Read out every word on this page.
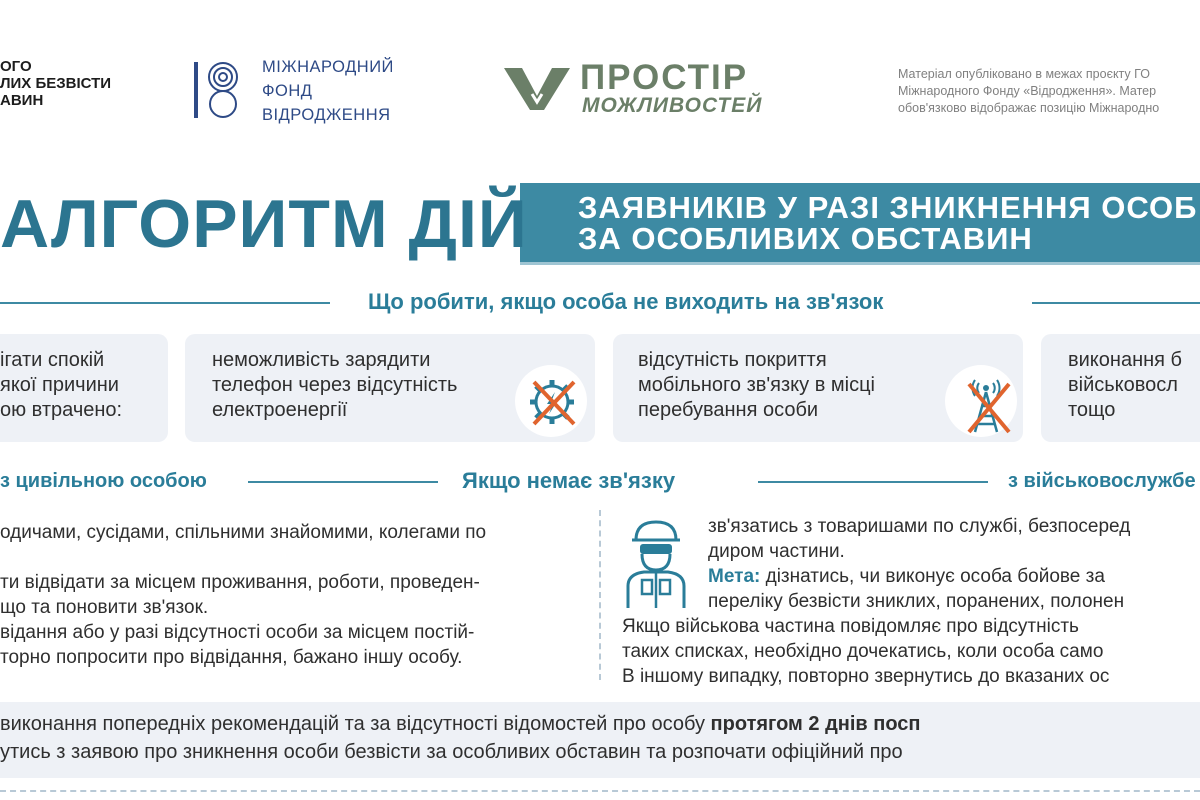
ОГО
ЛИХ БЕЗВІСТИ
АВИН
МІЖНАРОДНИЙ
ФОНД
ВІДРОДЖЕННЯ
ПРОСТІР
МОЖЛИВОСТЕЙ
Матеріал опубліковано в межах проєкту ГО
Міжнародного Фонду «Відродження». Матер
обов'язково відображає позицію Міжнародно
АЛГОРИТМ ДІЙ ЗАЯВНИКІВ У РАЗІ ЗНИКНЕННЯ ОСОБ
ЗА ОСОБЛИВИХ ОБСТАВИН
Що робити, якщо особа не виходить на зв'язок
ігати спокій
якої причини
ою втрачено:
неможливість зарядити
телефон через відсутність
електроенергії
відсутність покриття
мобільного зв'язку в місці
перебування особи
виконання б
військовосл
тощо
з цивільною особою	Якщо немає зв'язку	з військовослужбе
одичами, сусідами, спільними знайомими, колегами по
ти відвідати за місцем проживання, роботи, проведен-
що та поновити зв'язок.
відання або у разі відсутності особи за місцем постій-
торно попросити про відвідання, бажано іншу особу.
зв'язатись з товаришами по службі, безпосеред
диром частини.
Мета: дізнатись, чи виконує особа бойове за
переліку безвісти зниклих, поранених, полонен
Якщо військова частина повідомляє про відсутність
таких списках, необхідно дочекатись, коли особа само
В іншому випадку, повторно звернутись до вказаних ос
виконання попередніх рекомендацій та за відсутності відомостей про особу протягом 2 днів посп
утись з заявою про зникнення особи безвісти за особливих обставин та розпочати офіційний про
